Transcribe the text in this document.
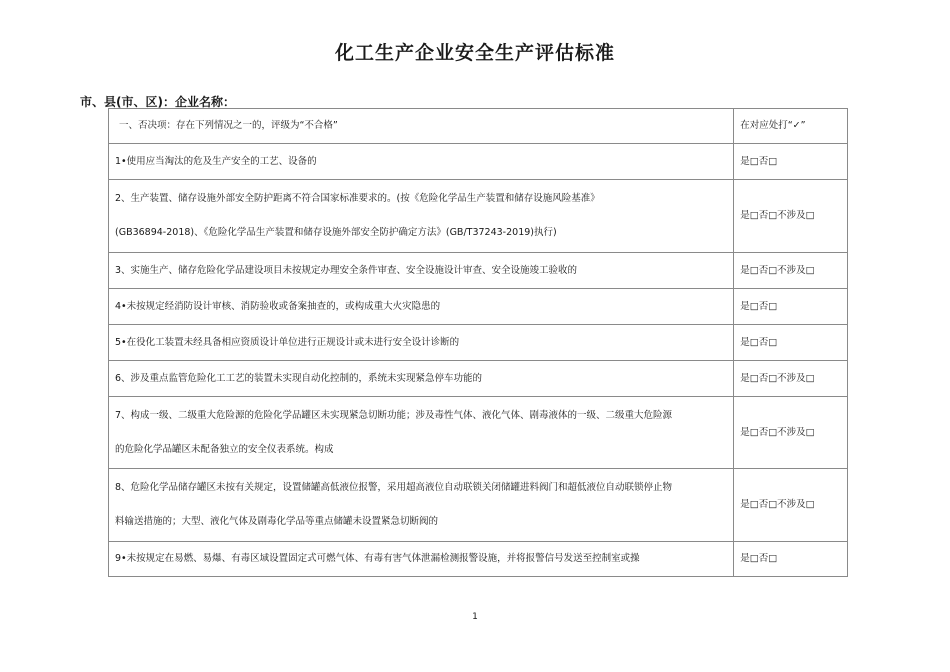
化工生产企业安全生产评估标准
市、县(市、区)：企业名称：
一、否决项：存在下列情况之一的，评级为“不合格”	在对应处打“✓”

1•使用应当淘汰的危及生产安全的工艺、设备的	是□否□

2、生产装置、储存设施外部安全防护距离不符合国家标准要求的。(按《危险化学品生产装置和储存设施风险基准》
(GB36894-2018)、《危险化学品生产装置和储存设施外部安全防护确定方法》(GB/T37243-2019)执行)	是□否□不涉及□

3、实施生产、储存危险化学品建设项目未按规定办理安全条件审查、安全设施设计审查、安全设施竣工验收的	是□否□不涉及□

4•未按规定经消防设计审核、消防验收或备案抽查的，或构成重大火灾隐患的	是□否□

5•在役化工装置未经具备相应资质设计单位进行正规设计或未进行安全设计诊断的	是□否□

6、涉及重点监管危险化工工艺的装置未实现自动化控制的，系统未实现紧急停车功能的	是□否□不涉及□

7、构成一级、二级重大危险源的危险化学品罐区未实现紧急切断功能；涉及毒性气体、液化气体、剧毒液体的一级、二级重大危险源
的危险化学品罐区未配备独立的安全仪表系统。构成	是□否□不涉及□

8、危险化学品储存罐区未按有关规定，设置储罐高低液位报警，采用超高液位自动联锁关闭储罐进料阀门和超低液位自动联锁停止物
料输送措施的；大型、液化气体及剧毒化学品等重点储罐未设置紧急切断阀的	是□否□不涉及□

9•未按规定在易燃、易爆、有毒区域设置固定式可燃气体、有毒有害气体泄漏检测报警设施，并将报警信号发送至控制室或操	是□否□
1
